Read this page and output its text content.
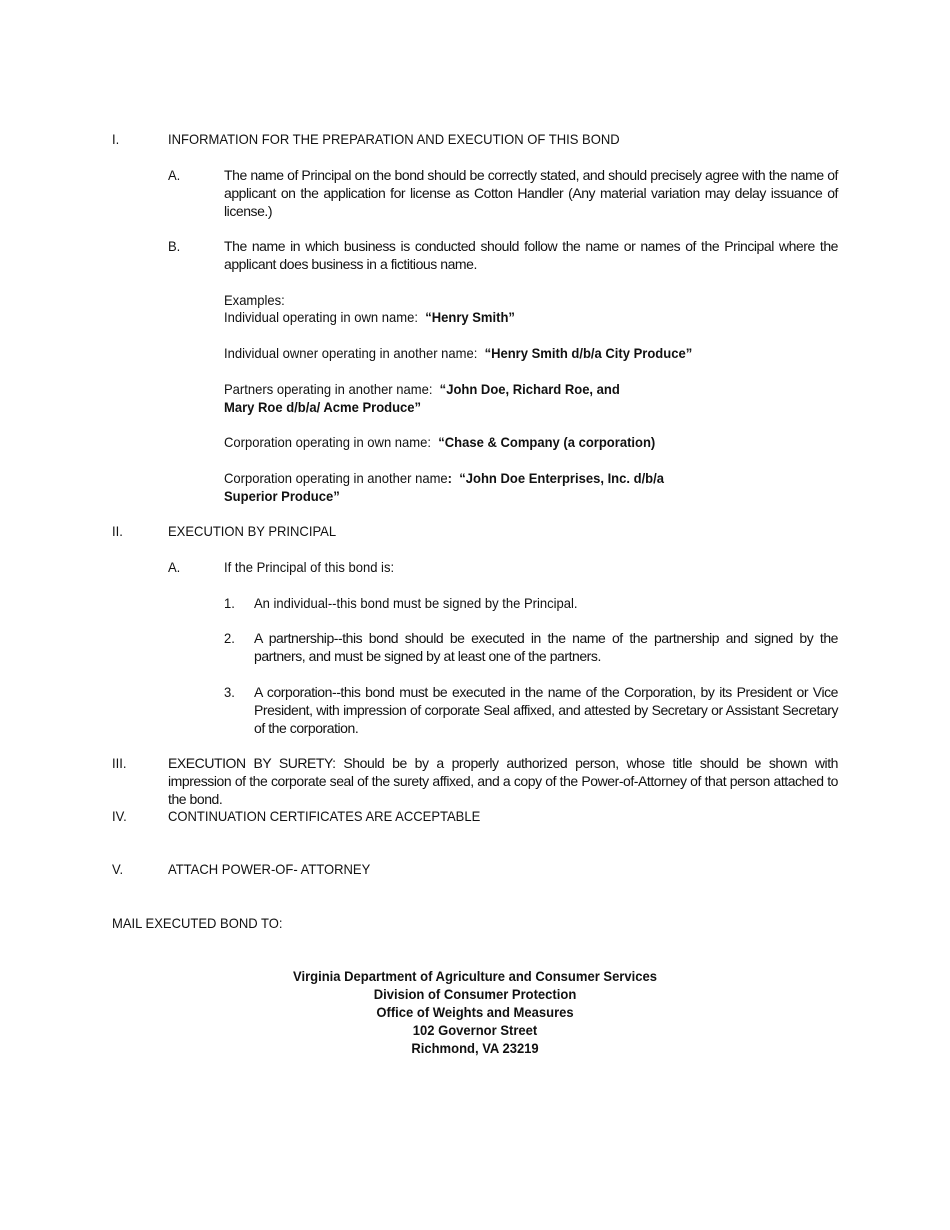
I.	INFORMATION FOR THE PREPARATION AND EXECUTION OF THIS BOND
A.	The name of Principal on the bond should be correctly stated, and should precisely agree with the name of applicant on the application for license as Cotton Handler (Any material variation may delay issuance of license.)
B.	The name in which business is conducted should follow the name or names of the Principal where the applicant does business in a fictitious name.
Examples:
Individual operating in own name: “Henry Smith”
Individual owner operating in another name: “Henry Smith d/b/a City Produce”
Partners operating in another name: “John Doe, Richard Roe, and
Mary Roe d/b/a/ Acme Produce”
Corporation operating in own name: “Chase & Company (a corporation)
Corporation operating in another name: “John Doe Enterprises, Inc. d/b/a
Superior Produce”
II.	EXECUTION BY PRINCIPAL
A.	If the Principal of this bond is:
1. An individual--this bond must be signed by the Principal.
2. A partnership--this bond should be executed in the name of the partnership and signed by the partners, and must be signed by at least one of the partners.
3. A corporation--this bond must be executed in the name of the Corporation, by its President or Vice President, with impression of corporate Seal affixed, and attested by Secretary or Assistant Secretary of the corporation.
III.	EXECUTION BY SURETY: Should be by a properly authorized person, whose title should be shown with impression of the corporate seal of the surety affixed, and a copy of the Power-of-Attorney of that person attached to the bond.
IV.	CONTINUATION CERTIFICATES ARE ACCEPTABLE
V.	ATTACH POWER-OF- ATTORNEY
MAIL EXECUTED BOND TO:
Virginia Department of Agriculture and Consumer Services
Division of Consumer Protection
Office of Weights and Measures
102 Governor Street
Richmond, VA 23219
